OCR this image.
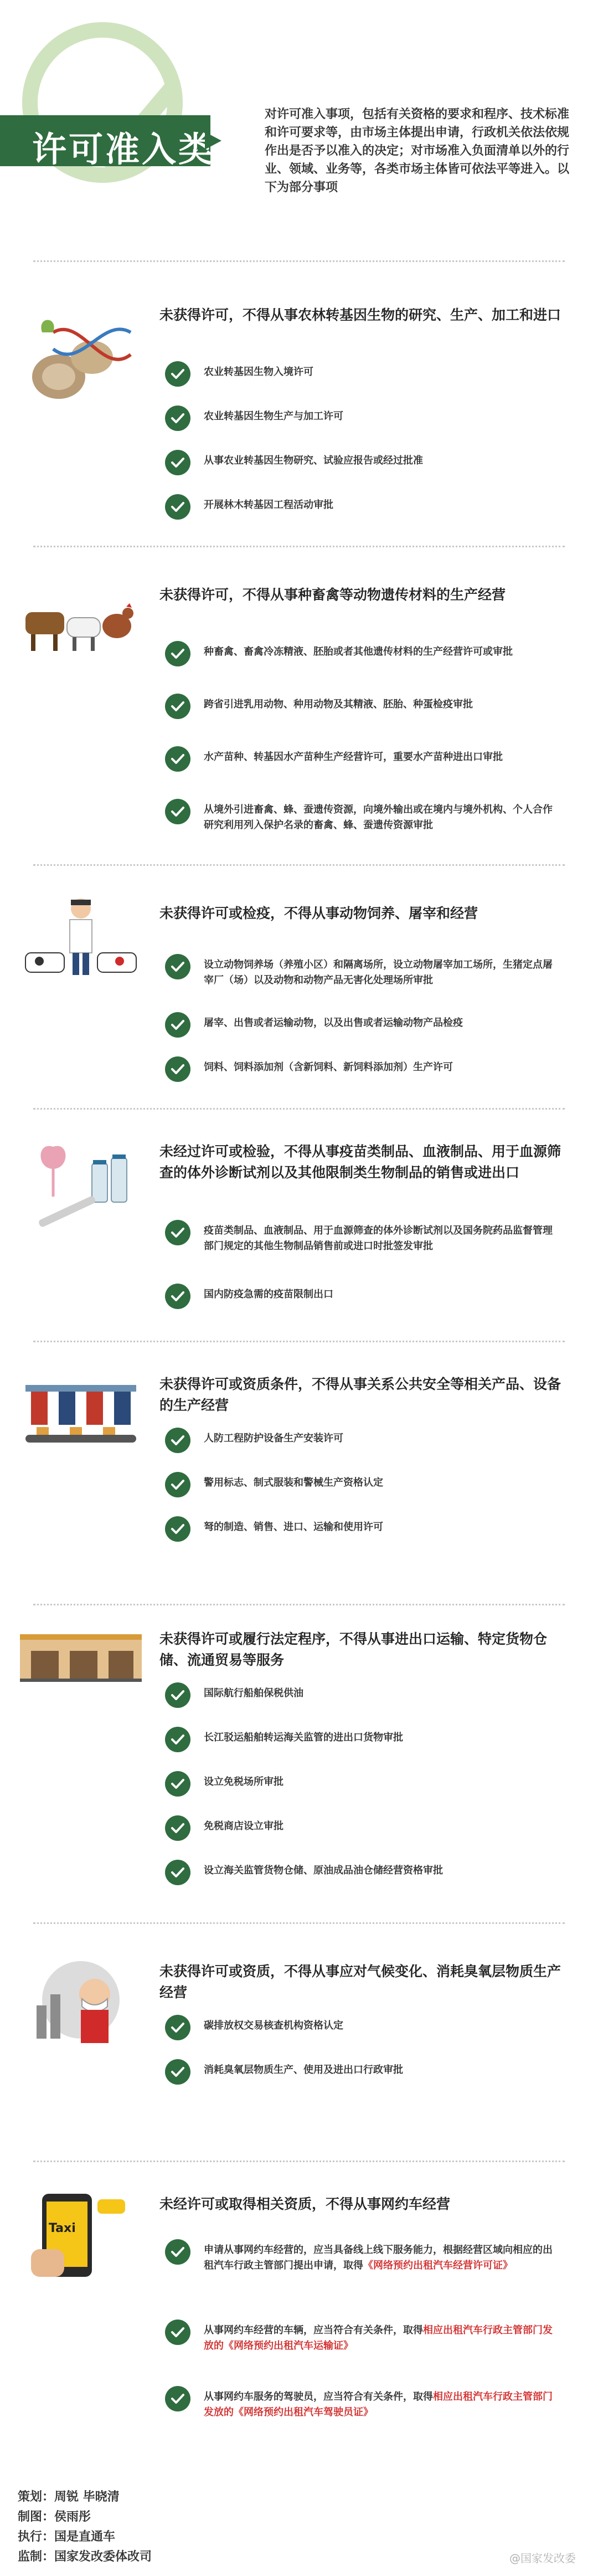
许可准入类
对许可准入事项，包括有关资格的要求和程序、技术标准和许可要求等，由市场主体提出申请，行政机关依法依规作出是否予以准入的决定；对市场准入负面清单以外的行业、领域、业务等，各类市场主体皆可依法平等进入。以下为部分事项
未获得许可，不得从事农林转基因生物的研究、生产、加工和进口
农业转基因生物入境许可
农业转基因生物生产与加工许可
从事农业转基因生物研究、试验应报告或经过批准
开展林木转基因工程活动审批
未获得许可，不得从事种畜禽等动物遗传材料的生产经营
种畜禽、畜禽冷冻精液、胚胎或者其他遗传材料的生产经营许可或审批
跨省引进乳用动物、种用动物及其精液、胚胎、种蛋检疫审批
水产苗种、转基因水产苗种生产经营许可，重要水产苗种进出口审批
从境外引进畜禽、蜂、蚕遗传资源，向境外输出或在境内与境外机构、个人合作研究利用列入保护名录的畜禽、蜂、蚕遗传资源审批
未获得许可或检疫，不得从事动物饲养、屠宰和经营
设立动物饲养场（养殖小区）和隔离场所，设立动物屠宰加工场所，生猪定点屠宰厂（场）以及动物和动物产品无害化处理场所审批
屠宰、出售或者运输动物，以及出售或者运输动物产品检疫
饲料、饲料添加剂（含新饲料、新饲料添加剂）生产许可
未经过许可或检验，不得从事疫苗类制品、血液制品、用于血源筛查的体外诊断试剂以及其他限制类生物制品的销售或进出口
疫苗类制品、血液制品、用于血源筛查的体外诊断试剂以及国务院药品监督管理部门规定的其他生物制品销售前或进口时批签发审批
国内防疫急需的疫苗限制出口
未获得许可或资质条件，不得从事关系公共安全等相关产品、设备的生产经营
人防工程防护设备生产安装许可
警用标志、制式服装和警械生产资格认定
弩的制造、销售、进口、运输和使用许可
未获得许可或履行法定程序，不得从事进出口运输、特定货物仓储、流通贸易等服务
国际航行船舶保税供油
长江驳运船舶转运海关监管的进出口货物审批
设立免税场所审批
免税商店设立审批
设立海关监管货物仓储、原油成品油仓储经营资格审批
未获得许可或资质，不得从事应对气候变化、消耗臭氧层物质生产经营
碳排放权交易核查机构资格认定
消耗臭氧层物质生产、使用及进出口行政审批
Taxi
未经许可或取得相关资质，不得从事网约车经营
申请从事网约车经营的，应当具备线上线下服务能力，根据经营区域向相应的出租汽车行政主管部门提出申请，取得《网络预约出租汽车经营许可证》
从事网约车经营的车辆，应当符合有关条件，取得相应出租汽车行政主管部门发放的《网络预约出租汽车运输证》
从事网约车服务的驾驶员，应当符合有关条件，取得相应出租汽车行政主管部门发放的《网络预约出租汽车驾驶员证》
策划：周锐 毕晓清
制图：侯雨彤
执行：国是直通车
监制：国家发改委体改司	@国家发改委
